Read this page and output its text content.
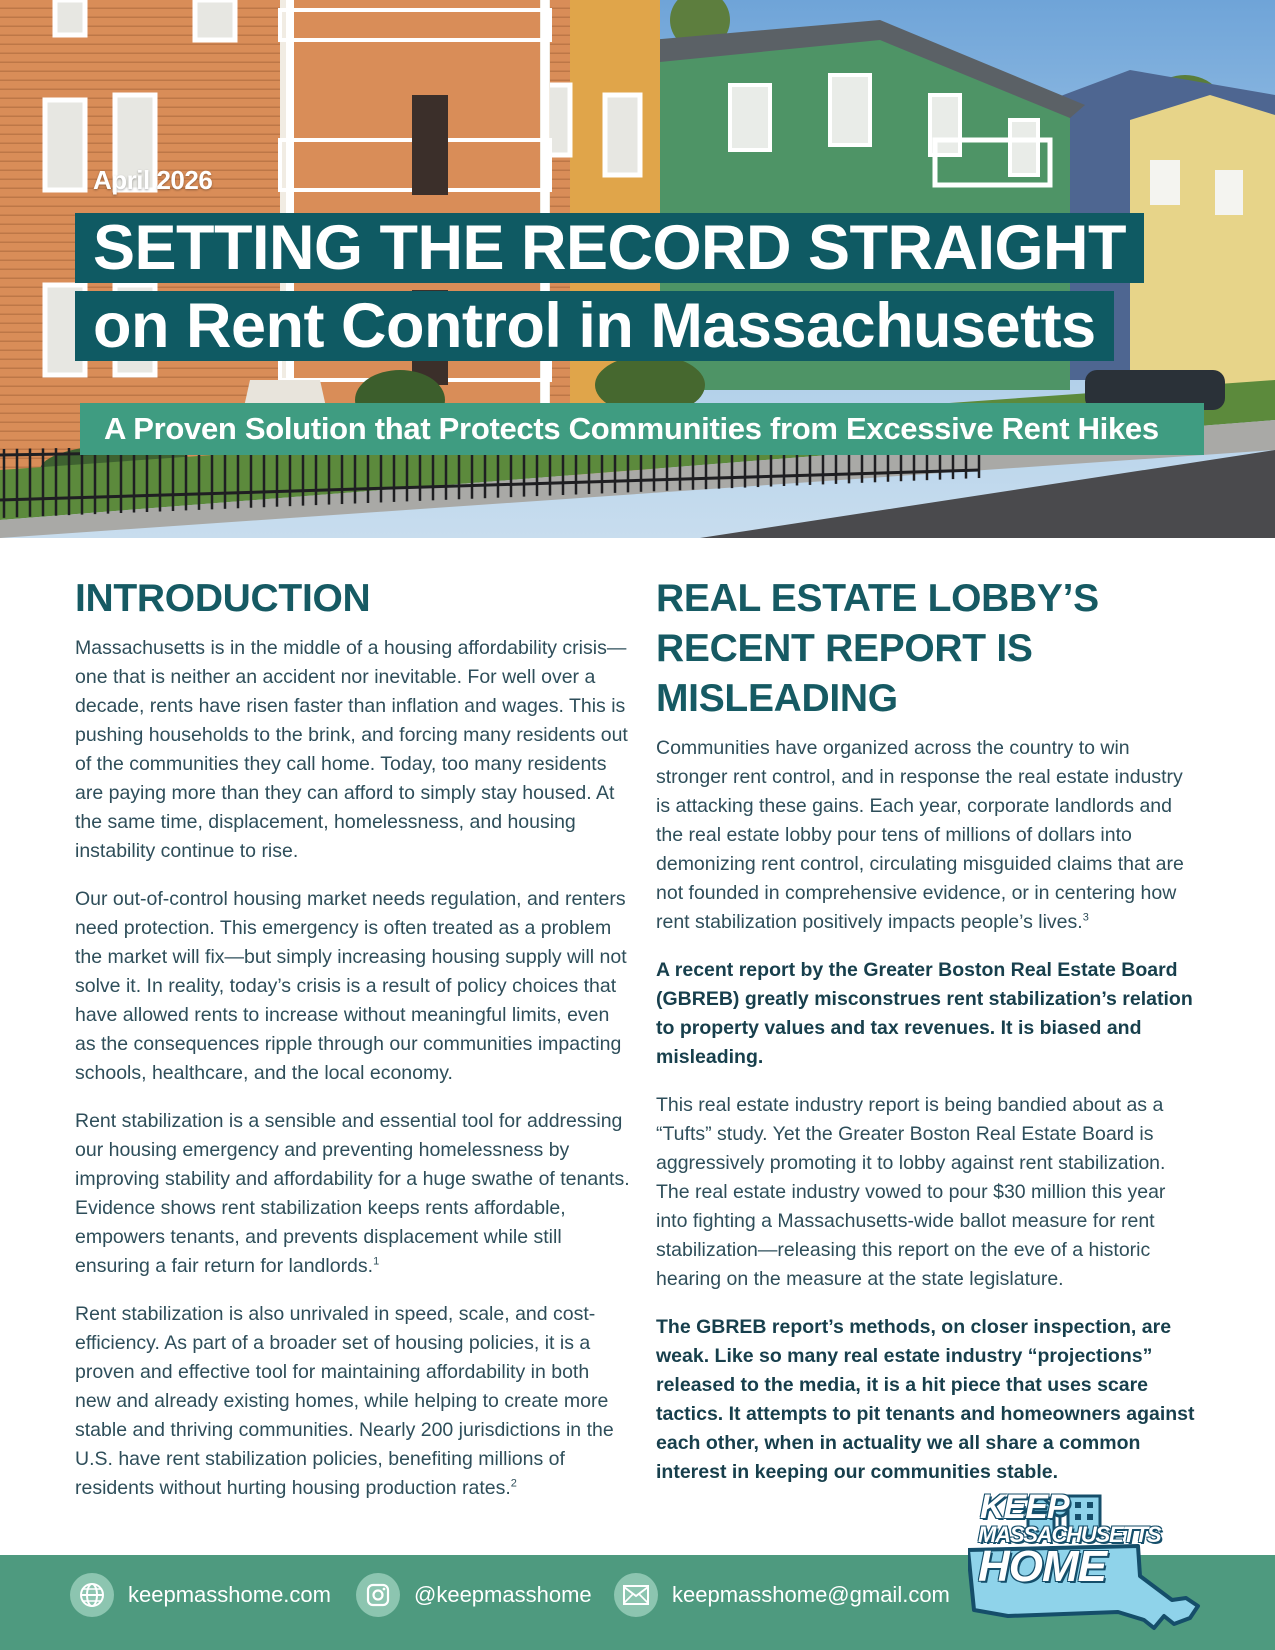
April 2026
SETTING THE RECORD STRAIGHT
on Rent Control in Massachusetts
A Proven Solution that Protects Communities from Excessive Rent Hikes
INTRODUCTION

Massachusetts is in the middle of a housing affordability crisis—one that is neither an accident nor inevitable. For well over a decade, rents have risen faster than inflation and wages. This is pushing households to the brink, and forcing many residents out of the communities they call home. Today, too many residents are paying more than they can afford to simply stay housed. At the same time, displacement, homelessness, and housing instability continue to rise.

Our out-of-control housing market needs regulation, and renters need protection. This emergency is often treated as a problem the market will fix—but simply increasing housing supply will not solve it. In reality, today’s crisis is a result of policy choices that have allowed rents to increase without meaningful limits, even as the consequences ripple through our communities impacting schools, healthcare, and the local economy.

Rent stabilization is a sensible and essential tool for addressing our housing emergency and preventing homelessness by improving stability and affordability for a huge swathe of tenants. Evidence shows rent stabilization keeps rents affordable, empowers tenants, and prevents displacement while still ensuring a fair return for landlords.$^1$

Rent stabilization is also unrivaled in speed, scale, and cost-efficiency. As part of a broader set of housing policies, it is a proven and effective tool for maintaining affordability in both new and already existing homes, while helping to create more stable and thriving communities. Nearly 200 jurisdictions in the U.S. have rent stabilization policies, benefiting millions of residents without hurting housing production rates.$^2$

REAL ESTATE LOBBY’S RECENT REPORT IS MISLEADING

Communities have organized across the country to win stronger rent control, and in response the real estate industry is attacking these gains. Each year, corporate landlords and the real estate lobby pour tens of millions of dollars into demonizing rent control, circulating misguided claims that are not founded in comprehensive evidence, or in centering how rent stabilization positively impacts people’s lives.$^3$

A recent report by the Greater Boston Real Estate Board (GBREB) greatly misconstrues rent stabilization’s relation to property values and tax revenues. It is biased and misleading.

This real estate industry report is being bandied about as a “Tufts” study. Yet the Greater Boston Real Estate Board is aggressively promoting it to lobby against rent stabilization. The real estate industry vowed to pour $30 million this year into fighting a Massachusetts-wide ballot measure for rent stabilization—releasing this report on the eve of a historic hearing on the measure at the state legislature.

The GBREB report’s methods, on closer inspection, are weak. Like so many real estate industry “projections” released to the media, it is a hit piece that uses scare tactics. It attempts to pit tenants and homeowners against each other, when in actuality we all share a common interest in keeping our communities stable.

keepmasshome.com	@keepmasshome	keepmasshome@gmail.com
KEEP
MASSACHUSETTS
HOME
